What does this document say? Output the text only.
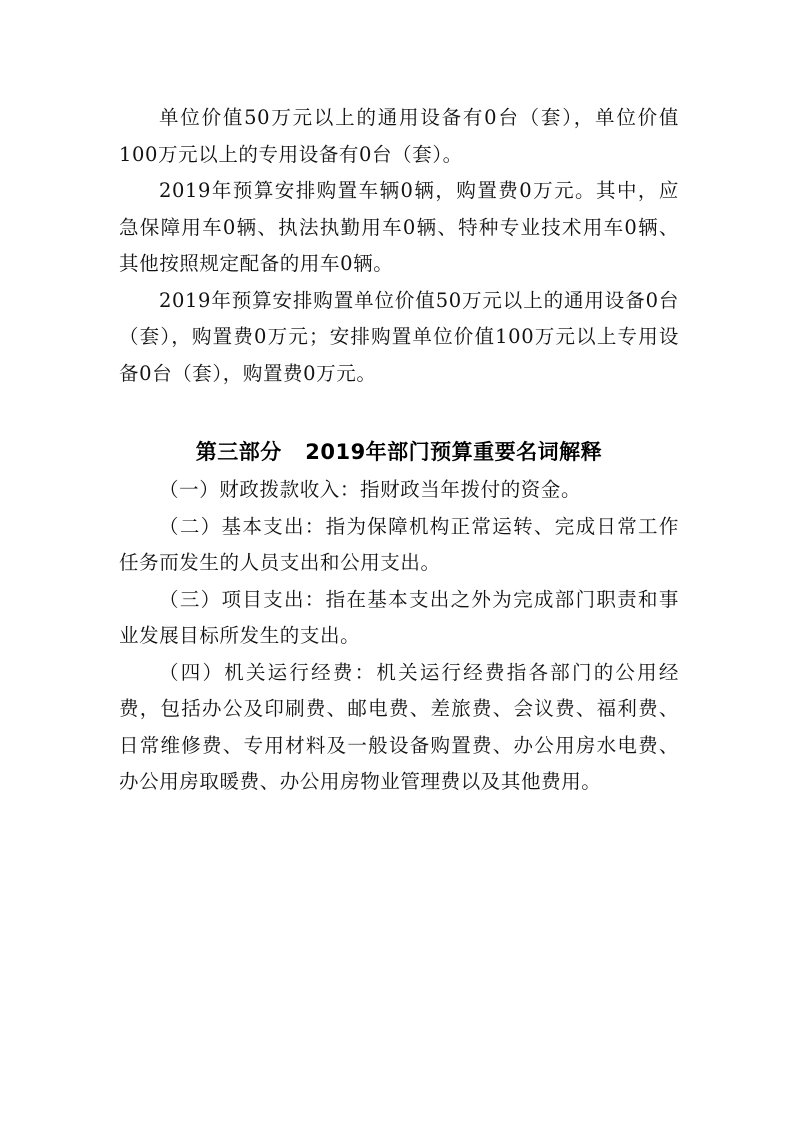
单位价值50万元以上的通用设备有0台（套），单位价值100万元以上的专用设备有0台（套）。

2019年预算安排购置车辆0辆，购置费0万元。其中，应急保障用车0辆、执法执勤用车0辆、特种专业技术用车0辆、其他按照规定配备的用车0辆。

2019年预算安排购置单位价值50万元以上的通用设备0台（套），购置费0万元；安排购置单位价值100万元以上专用设备0台（套），购置费0万元。

第三部分   2019年部门预算重要名词解释

（一）财政拨款收入：指财政当年拨付的资金。

（二）基本支出：指为保障机构正常运转、完成日常工作任务而发生的人员支出和公用支出。

（三）项目支出：指在基本支出之外为完成部门职责和事业发展目标所发生的支出。

（四）机关运行经费：机关运行经费指各部门的公用经费，包括办公及印刷费、邮电费、差旅费、会议费、福利费、日常维修费、专用材料及一般设备购置费、办公用房水电费、办公用房取暖费、办公用房物业管理费以及其他费用。
